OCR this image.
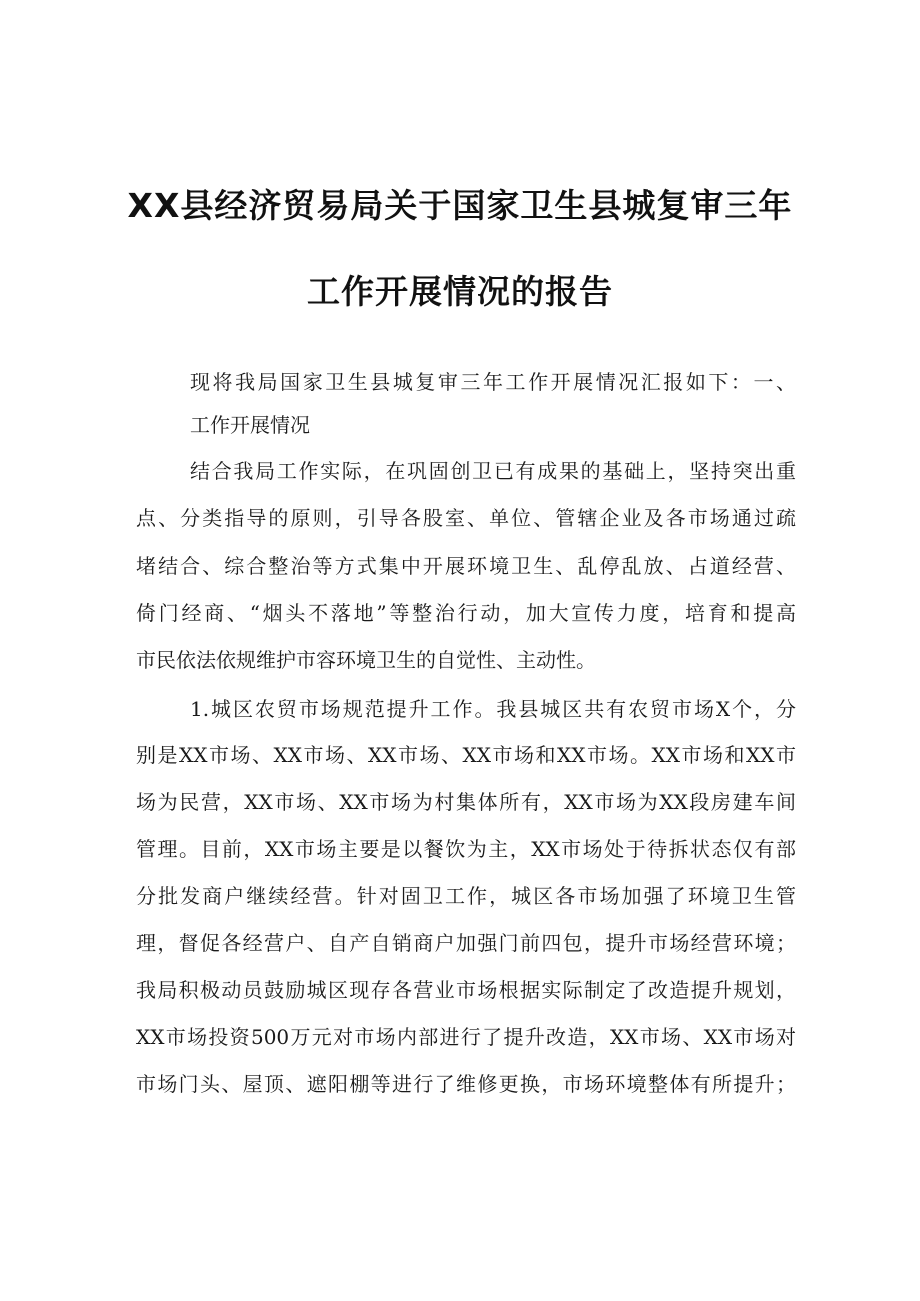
XX县经济贸易局关于国家卫生县城复审三年
工作开展情况的报告
现将我局国家卫生县城复审三年工作开展情况汇报如下：一、
工作开展情况
结合我局工作实际，在巩固创卫已有成果的基础上，坚持突出重
点、分类指导的原则，引导各股室、单位、管辖企业及各市场通过疏
堵结合、综合整治等方式集中开展环境卫生、乱停乱放、占道经营、
倚门经商、“烟头不落地”等整治行动，加大宣传力度，培育和提高
市民依法依规维护市容环境卫生的自觉性、主动性。
1.城区农贸市场规范提升工作。我县城区共有农贸市场X个，分
别是XX市场、XX市场、XX市场、XX市场和XX市场。XX市场和XX市
场为民营，XX市场、XX市场为村集体所有，XX市场为XX段房建车间
管理。目前，XX市场主要是以餐饮为主，XX市场处于待拆状态仅有部
分批发商户继续经营。针对固卫工作，城区各市场加强了环境卫生管
理，督促各经营户、自产自销商户加强门前四包，提升市场经营环境；
我局积极动员鼓励城区现存各营业市场根据实际制定了改造提升规划，
XX市场投资500万元对市场内部进行了提升改造，XX市场、XX市场对
市场门头、屋顶、遮阳棚等进行了维修更换，市场环境整体有所提升；
